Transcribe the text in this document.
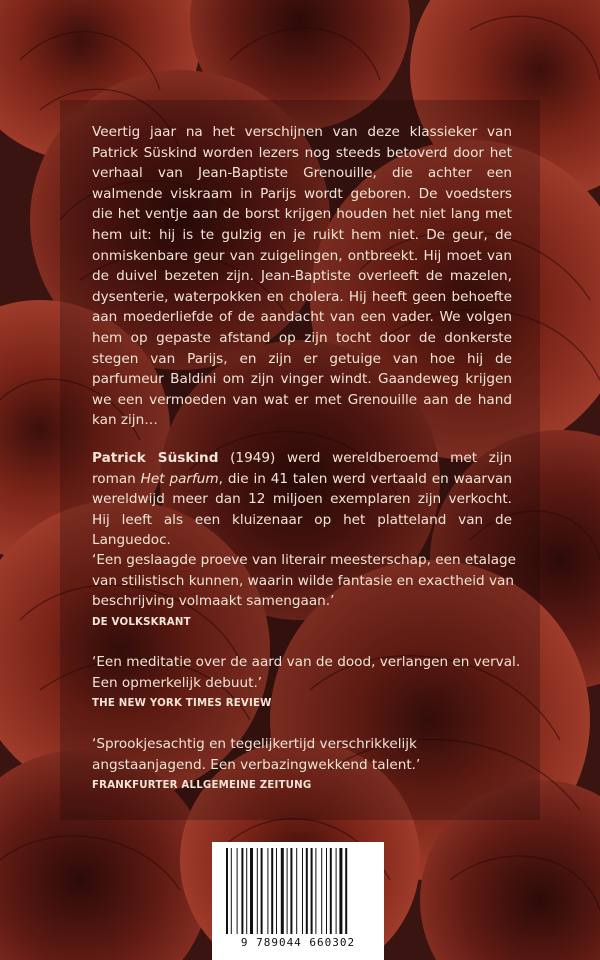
Veertig jaar na het verschijnen van deze klassieker van Patrick Süskind worden lezers nog steeds betoverd door het verhaal van Jean-Baptiste Grenouille, die achter een walmende viskraam in Parijs wordt geboren. De voedsters die het ventje aan de borst krijgen houden het niet lang met hem uit: hij is te gulzig en je ruikt hem niet. De geur, de onmiskenbare geur van zuigelingen, ontbreekt. Hij moet van de duivel bezeten zijn. Jean-Baptiste overleeft de mazelen, dysenterie, waterpokken en cholera. Hij heeft geen behoefte aan moederliefde of de aandacht van een vader. We volgen hem op gepaste afstand op zijn tocht door de donkerste stegen van Parijs, en zijn er getuige van hoe hij de parfumeur Baldini om zijn vinger windt. Gaandeweg krijgen we een vermoeden van wat er met Grenouille aan de hand kan zijn…
Patrick Süskind (1949) werd wereldberoemd met zijn roman Het parfum, die in 41 talen werd vertaald en waarvan wereldwijd meer dan 12 miljoen exemplaren zijn verkocht. Hij leeft als een kluizenaar op het platteland van de Languedoc.
‘Een geslaagde proeve van literair meesterschap, een etalage van stilistisch kunnen, waarin wilde fantasie en exactheid van beschrijving volmaakt samengaan.’
DE VOLKSKRANT
‘Een meditatie over de aard van de dood, verlangen en verval. Een opmerkelijk debuut.’
THE NEW YORK TIMES REVIEW
‘Sprookjesachtig en tegelijkertijd verschrikkelijk angstaanjagend. Een verbazingwekkend talent.’
FRANKFURTER ALLGEMEINE ZEITUNG
9 789044 660302
